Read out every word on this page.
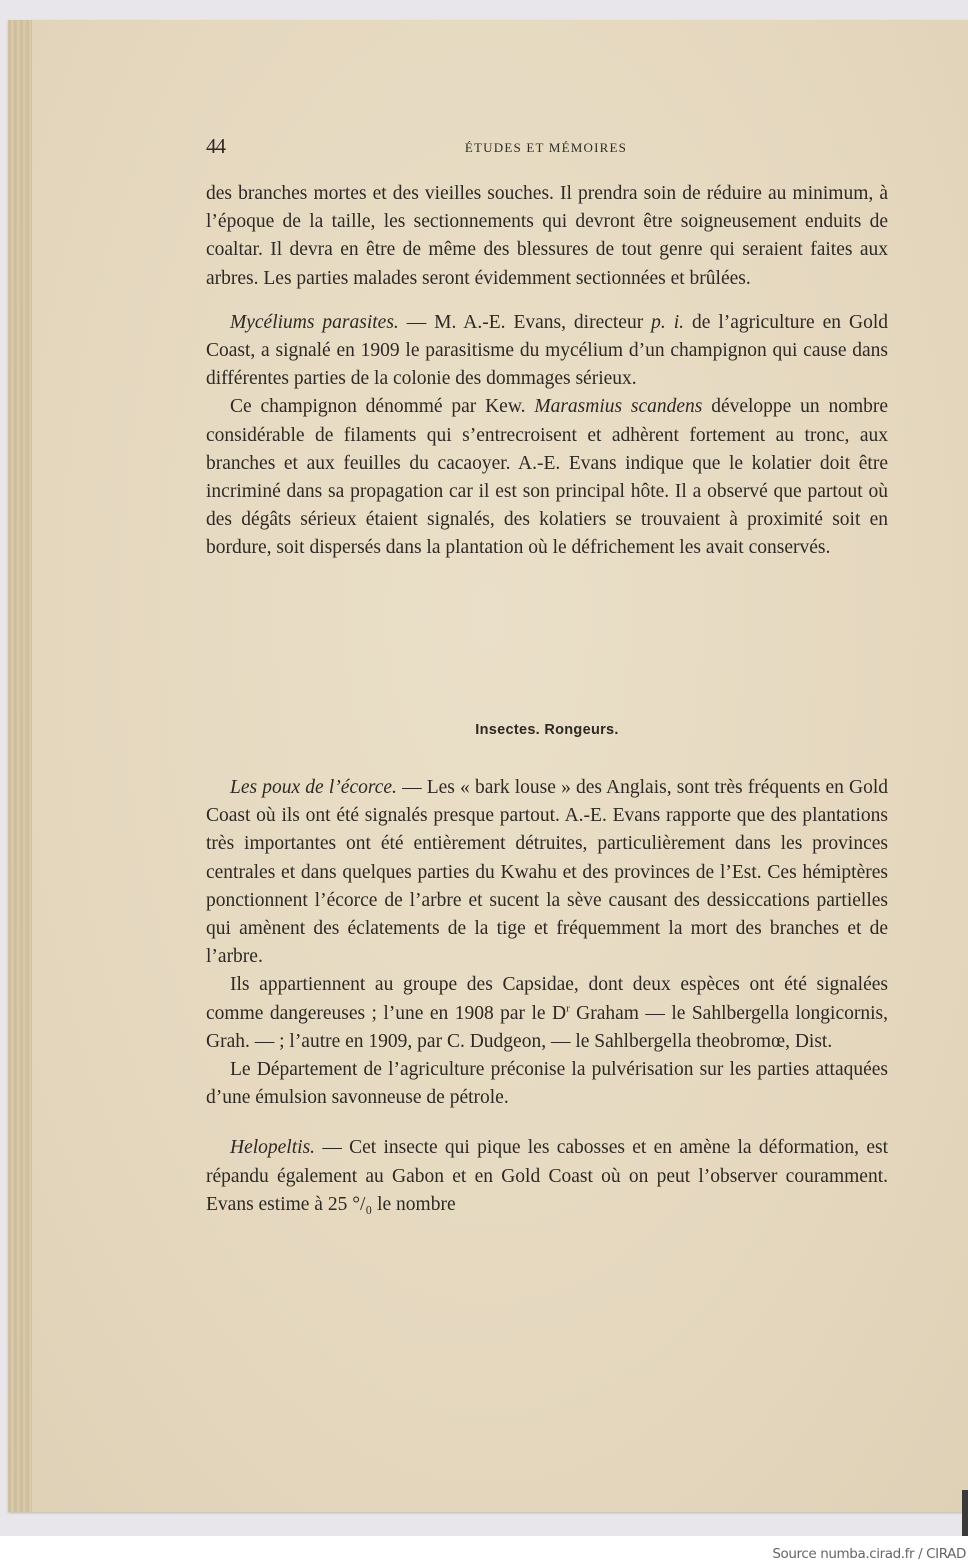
44	ÉTUDES ET MÉMOIRES

des branches mortes et des vieilles souches. Il prendra soin de réduire au minimum, à l’époque de la taille, les sectionnements qui devront être soigneusement enduits de coaltar. Il devra en être de même des blessures de tout genre qui seraient faites aux arbres. Les parties malades seront évidemment sectionnées et brûlées.

Mycéliums parasites. — M. A.-E. Evans, directeur p. i. de l’agriculture en Gold Coast, a signalé en 1909 le parasitisme du mycélium d’un champignon qui cause dans différentes parties de la colonie des dommages sérieux.

Ce champignon dénommé par Kew. Marasmius scandens développe un nombre considérable de filaments qui s’entrecroisent et adhèrent fortement au tronc, aux branches et aux feuilles du cacaoyer. A.-E. Evans indique que le kolatier doit être incriminé dans sa propagation car il est son principal hôte. Il a observé que partout où des dégâts sérieux étaient signalés, des kolatiers se trouvaient à proximité soit en bordure, soit dispersés dans la plantation où le défrichement les avait conservés.

Insectes. Rongeurs.

Les poux de l’écorce. — Les « bark louse » des Anglais, sont très fréquents en Gold Coast où ils ont été signalés presque partout. A.-E. Evans rapporte que des plantations très importantes ont été entièrement détruites, particulièrement dans les provinces centrales et dans quelques parties du Kwahu et des provinces de l’Est. Ces hémiptères ponctionnent l’écorce de l’arbre et sucent la sève causant des dessiccations partielles qui amènent des éclatements de la tige et fréquemment la mort des branches et de l’arbre.

Ils appartiennent au groupe des Capsidae, dont deux espèces ont été signalées comme dangereuses ; l’une en 1908 par le $D^r$ Graham — le Sahlbergella longicornis, Grah. — ; l’autre en 1909, par C. Dudgeon, — le Sahlbergella theobromœ, Dist.

Le Département de l’agriculture préconise la pulvérisation sur les parties attaquées d’une émulsion savonneuse de pétrole.

Helopeltis. — Cet insecte qui pique les cabosses et en amène la déformation, est répandu également au Gabon et en Gold Coast où on peut l’observer couramment. Evans estime à 25 °/₀ le nombre

Source numba.cirad.fr / CIRAD
